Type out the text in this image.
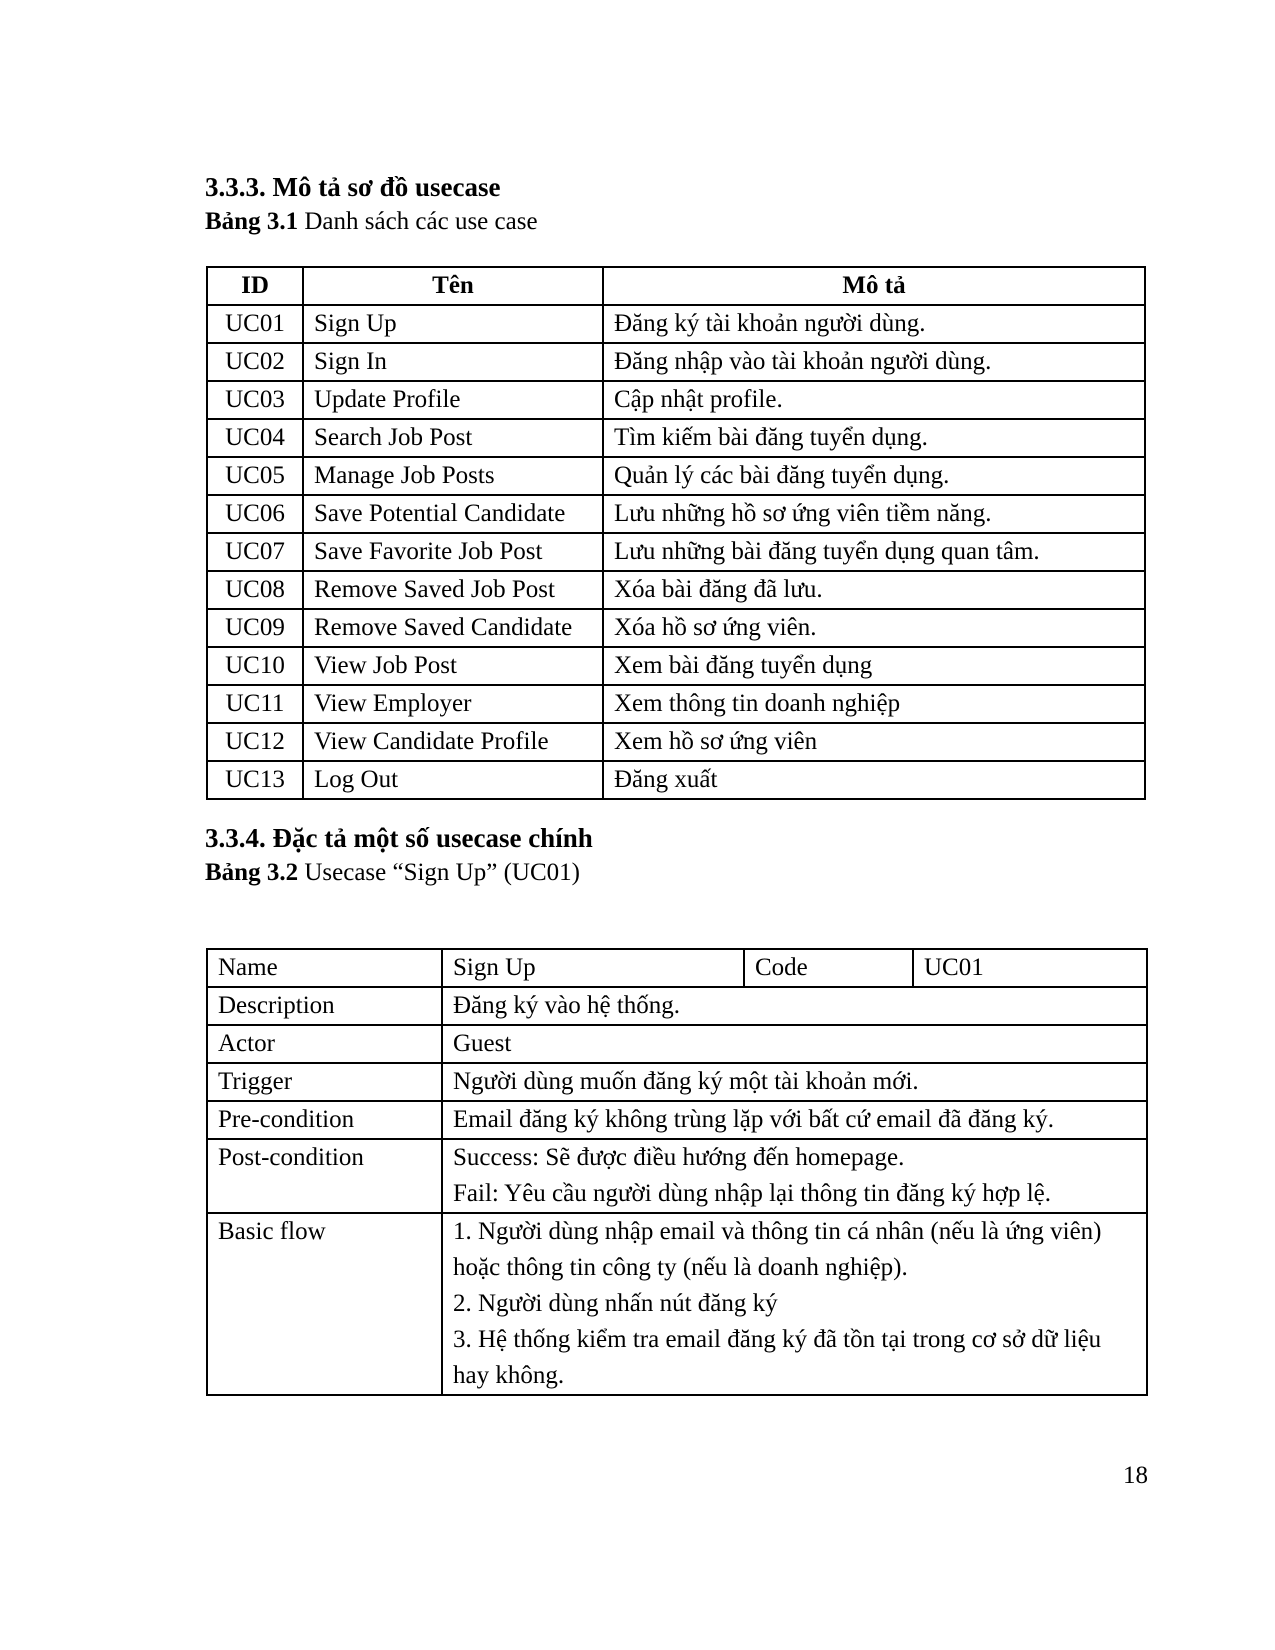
3.3.3. Mô tả sơ đồ usecase

Bảng 3.1 Danh sách các use case

ID	Tên	Mô tả
UC01	Sign Up	Đăng ký tài khoản người dùng.
UC02	Sign In	Đăng nhập vào tài khoản người dùng.
UC03	Update Profile	Cập nhật profile.
UC04	Search Job Post	Tìm kiếm bài đăng tuyển dụng.
UC05	Manage Job Posts	Quản lý các bài đăng tuyển dụng.
UC06	Save Potential Candidate	Lưu những hồ sơ ứng viên tiềm năng.
UC07	Save Favorite Job Post	Lưu những bài đăng tuyển dụng quan tâm.
UC08	Remove Saved Job Post	Xóa bài đăng đã lưu.
UC09	Remove Saved Candidate	Xóa hồ sơ ứng viên.
UC10	View Job Post	Xem bài đăng tuyển dụng
UC11	View Employer	Xem thông tin doanh nghiệp
UC12	View Candidate Profile	Xem hồ sơ ứng viên
UC13	Log Out	Đăng xuất
3.3.4. Đặc tả một số usecase chính

Bảng 3.2 Usecase “Sign Up” (UC01)

Name	Sign Up	Code	UC01
Description	Đăng ký vào hệ thống.		
Actor	Guest		
Trigger	Người dùng muốn đăng ký một tài khoản mới.		
Pre-condition	Email đăng ký không trùng lặp với bất cứ email đã đăng ký.		
Post-condition	Success: Sẽ được điều hướng đến homepage.
Fail: Yêu cầu người dùng nhập lại thông tin đăng ký hợp lệ.		

Basic flow	1. Người dùng nhập email và thông tin cá nhân (nếu là ứng viên)
hoặc thông tin công ty (nếu là doanh nghiệp).
2. Người dùng nhấn nút đăng ký
3. Hệ thống kiểm tra email đăng ký đã tồn tại trong cơ sở dữ liệu
hay không.		
18
